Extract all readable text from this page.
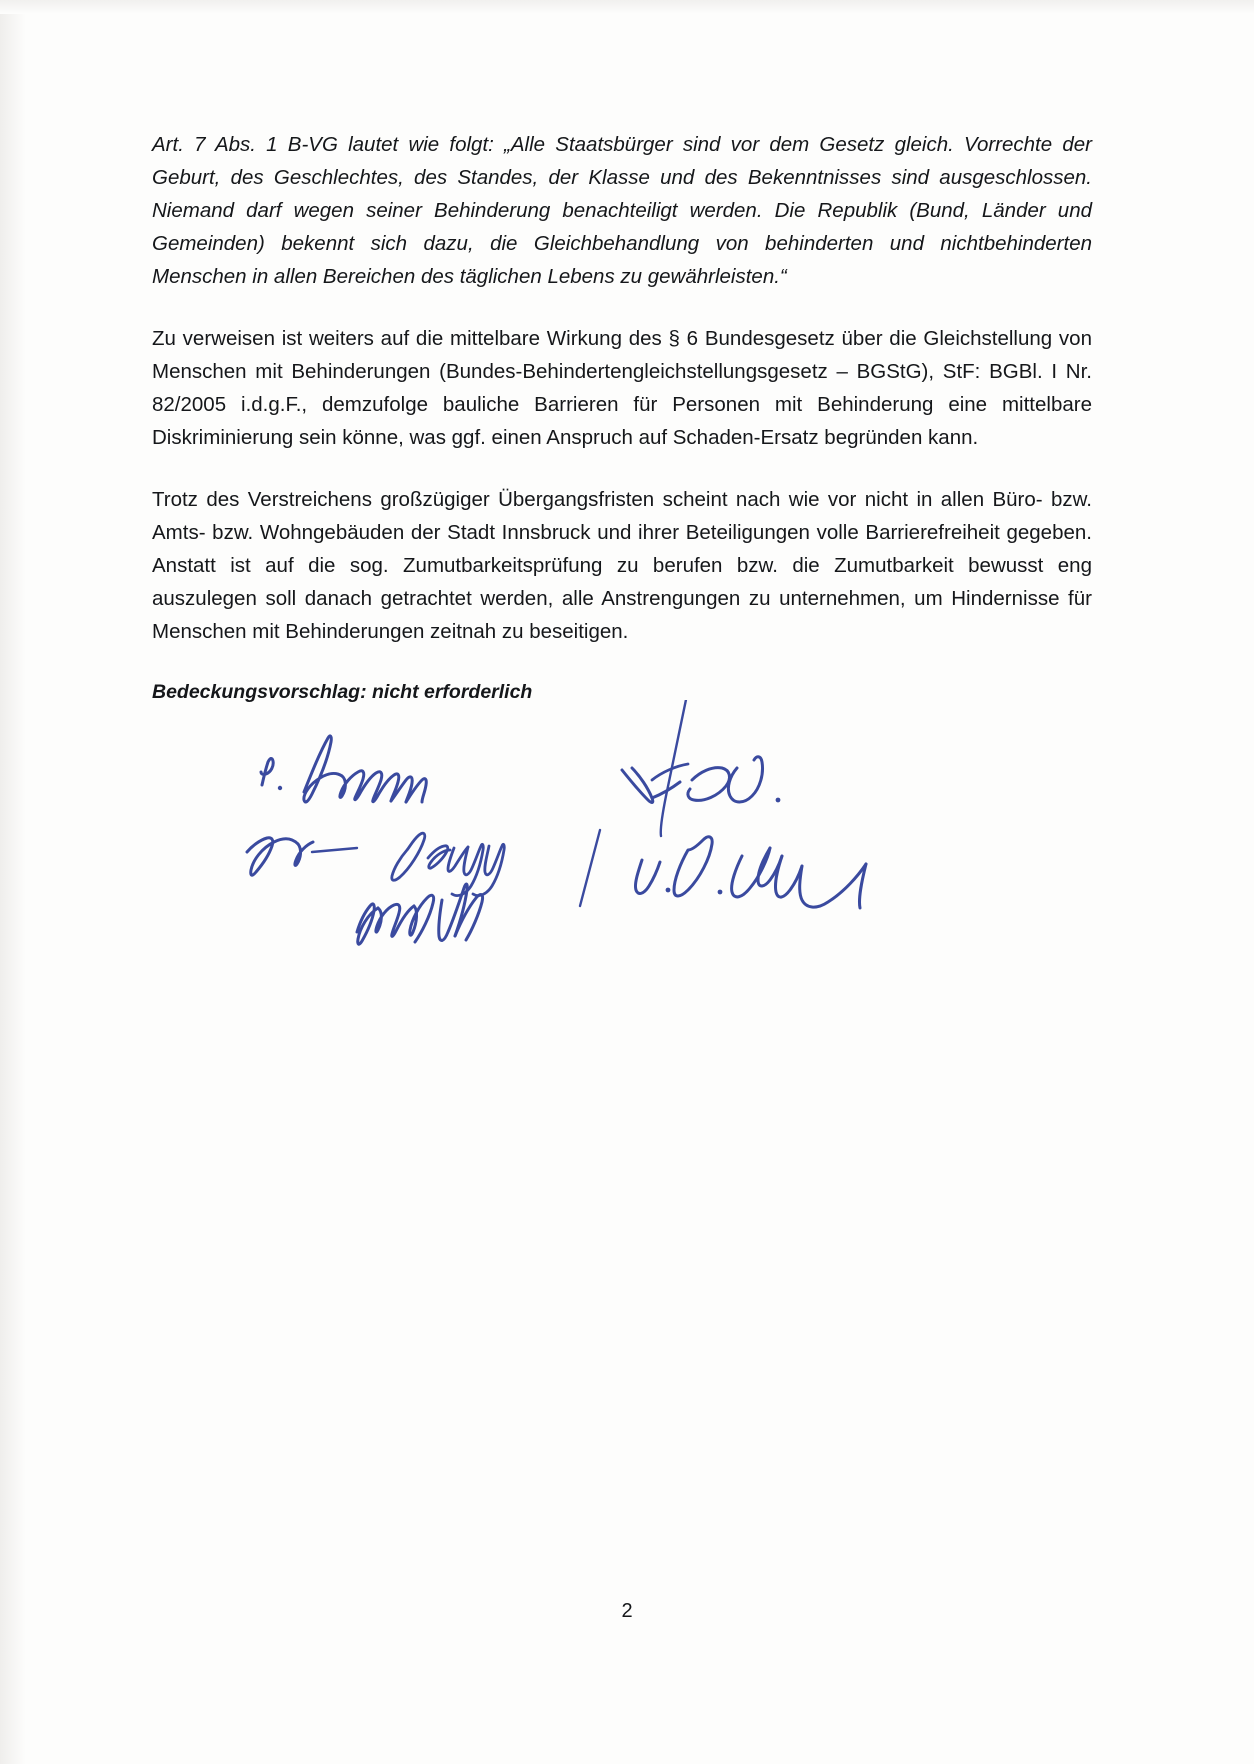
Art. 7 Abs. 1 B-VG lautet wie folgt: „Alle Staatsbürger sind vor dem Gesetz gleich. Vorrechte der Geburt, des Geschlechtes, des Standes, der Klasse und des Bekenntnisses sind ausgeschlossen. Niemand darf wegen seiner Behinderung benachteiligt werden. Die Republik (Bund, Länder und Gemeinden) bekennt sich dazu, die Gleichbehandlung von behinderten und nichtbehinderten Menschen in allen Bereichen des täglichen Lebens zu gewährleisten.“

Zu verweisen ist weiters auf die mittelbare Wirkung des § 6 Bundesgesetz über die Gleichstellung von Menschen mit Behinderungen (Bundes-Behindertengleichstellungsgesetz – BGStG), StF: BGBl. I Nr. 82/2005 i.d.g.F., demzufolge bauliche Barrieren für Personen mit Behinderung eine mittelbare Diskriminierung sein könne, was ggf. einen Anspruch auf Schaden-Ersatz begründen kann.

Trotz des Verstreichens großzügiger Übergangsfristen scheint nach wie vor nicht in allen Büro- bzw. Amts- bzw. Wohngebäuden der Stadt Innsbruck und ihrer Beteiligungen volle Barrierefreiheit gegeben. Anstatt ist auf die sog. Zumutbarkeitsprüfung zu berufen bzw. die Zumutbarkeit bewusst eng auszulegen soll danach getrachtet werden, alle Anstrengungen zu unternehmen, um Hindernisse für Menschen mit Behinderungen zeitnah zu beseitigen.

Bedeckungsvorschlag: nicht erforderlich

2
